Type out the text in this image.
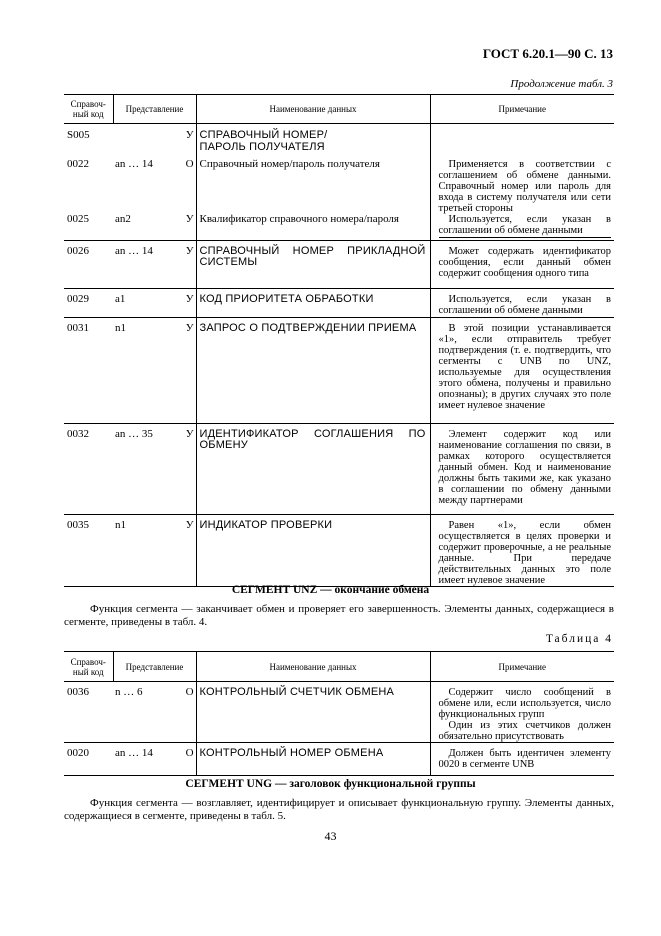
ГОСТ 6.20.1—90 С. 13
Продолжение табл. 3
Справоч-
ный код	Представление		Наименование данных	Примечание
S005		У	СПРАВОЧНЫЙ НОМЕР/
ПАРОЛЬ ПОЛУЧАТЕЛЯ	
0022	an … 14	О	Справочный номер/пароль получателя	Применяется в соответствии с соглашением об обмене данными. Справочный номер или пароль для входа в систему получателя или сети третьей стороны

0025	an2	У	Квалификатор справочного номера/пароля	Используется, если указан в соглашении об обмене данными

0026	an … 14	У	СПРАВОЧНЫЙ НОМЕР ПРИКЛАДНОЙ СИСТЕМЫ	Может содержать идентификатор сообщения, если данный обмен содержит сообщения одного типа

0029	a1	У	КОД ПРИОРИТЕТА ОБРАБОТКИ	Используется, если указан в соглашении об обмене данными

0031	n1	У	ЗАПРОС О ПОДТВЕРЖДЕНИИ ПРИЕМА	В этой позиции устанавливается «1», если отправитель требует подтверждения (т. е. подтвердить, что сегменты с UNB по UNZ, используемые для осуществления этого обмена, получены и правильно опознаны); в других случаях это поле имеет нулевое значение

0032	an … 35	У	ИДЕНТИФИКАТОР СОГЛАШЕНИЯ ПО ОБМЕНУ	Элемент содержит код или наименование соглашения по связи, в рамках которого осуществляется данный обмен. Код и наименование должны быть такими же, как указано в соглашении по обмену данными между партнерами

0035	n1	У	ИНДИКАТОР ПРОВЕРКИ	Равен «1», если обмен осуществляется в целях проверки и содержит проверочные, а не реальные данные. При передаче действительных данных это поле имеет нулевое значение
СЕГМЕНТ UNZ — окончание обмена
Функция сегмента — заканчивает обмен и проверяет его завершенность. Элементы данных, содержащиеся в сегменте, приведены в табл. 4.
Таблица 4
Справоч-
ный код	Представление		Наименование данных	Примечание
0036	n … 6	О	КОНТРОЛЬНЫЙ СЧЕТЧИК ОБМЕНА	Содержит число сообщений в обмене или, если используется, число функциональных групп
Один из этих счетчиков должен обязательно присутствовать

0020	an … 14	О	КОНТРОЛЬНЫЙ НОМЕР ОБМЕНА	Должен быть идентичен элементу 0020 в сегменте UNB
СЕГМЕНТ UNG — заголовок функциональной группы
Функция сегмента — возглавляет, идентифицирует и описывает функциональную группу. Элементы данных, содержащиеся в сегменте, приведены в табл. 5.
43
